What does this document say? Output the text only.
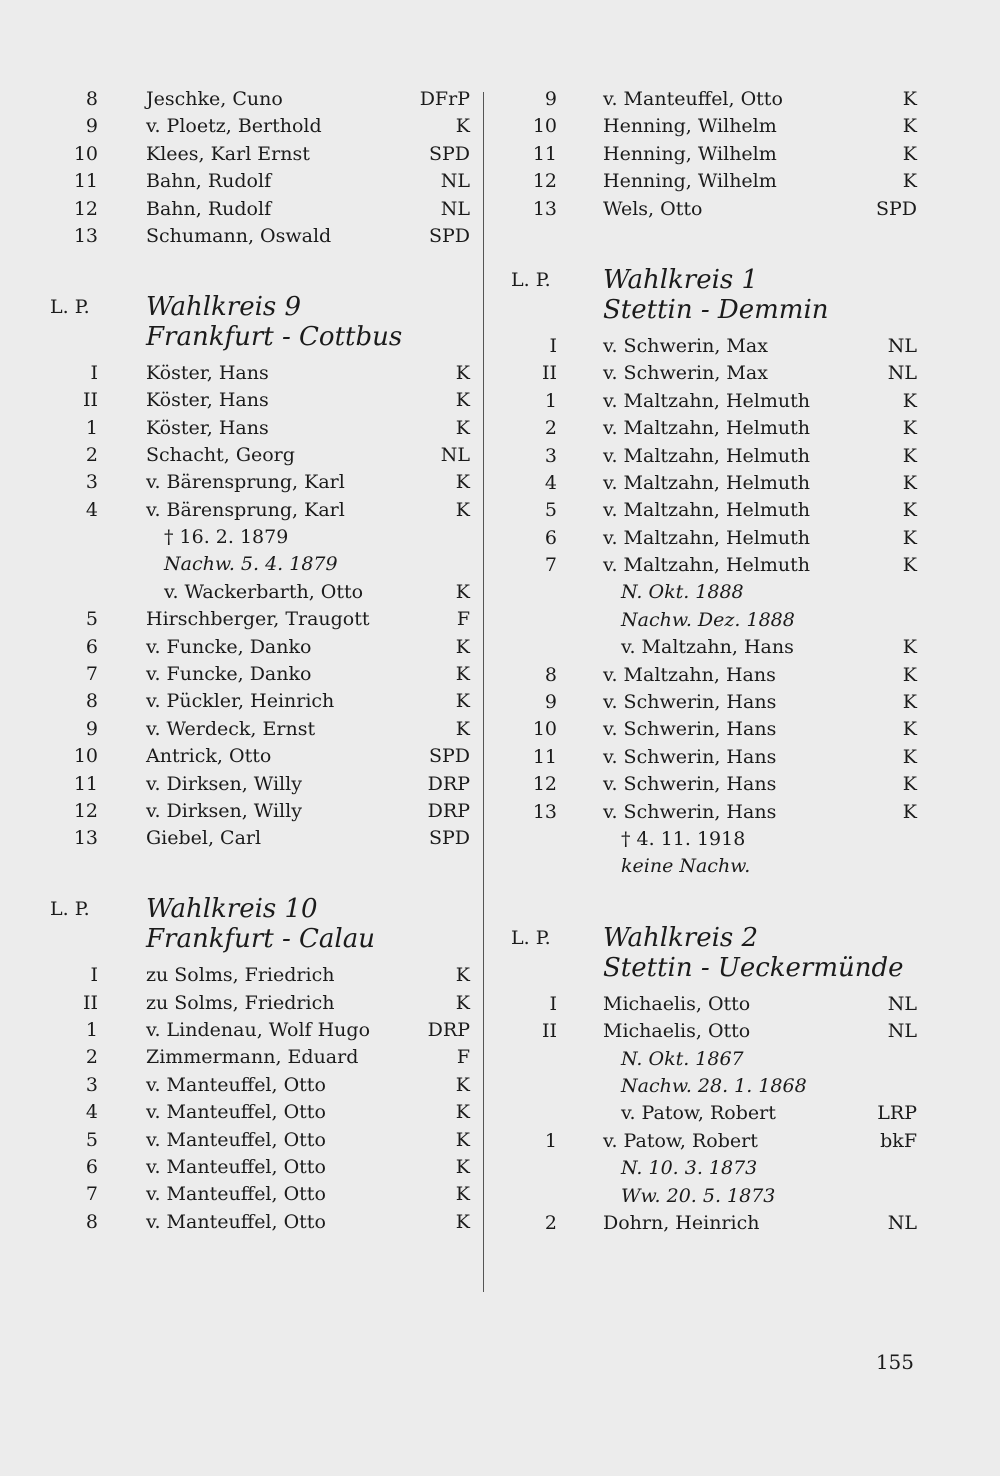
8	Jeschke, Cuno	DFrP
9	v. Ploetz, Berthold	K
10	Klees, Karl Ernst	SPD
11	Bahn, Rudolf	NL
12	Bahn, Rudolf	NL
13	Schumann, Oswald	SPD
L. P. Wahlkreis 9
Frankfurt - Cottbus
I	Köster, Hans	K
II	Köster, Hans	K
1	Köster, Hans	K
2	Schacht, Georg	NL
3	v. Bärensprung, Karl	K
4	v. Bärensprung, Karl	K
† 16. 2. 1879
Nachw. 5. 4. 1879
v. Wackerbarth, Otto	K
5	Hirschberger, Traugott	F
6	v. Funcke, Danko	K
7	v. Funcke, Danko	K
8	v. Pückler, Heinrich	K
9	v. Werdeck, Ernst	K
10	Antrick, Otto	SPD
11	v. Dirksen, Willy	DRP
12	v. Dirksen, Willy	DRP
13	Giebel, Carl	SPD
L. P. Wahlkreis 10
Frankfurt - Calau
I	zu Solms, Friedrich	K
II	zu Solms, Friedrich	K
1	v. Lindenau, Wolf Hugo	DRP
2	Zimmermann, Eduard	F
3	v. Manteuffel, Otto	K
4	v. Manteuffel, Otto	K
5	v. Manteuffel, Otto	K
6	v. Manteuffel, Otto	K
7	v. Manteuffel, Otto	K
8	v. Manteuffel, Otto	K
9 v. Manteuffel, Otto	K
10 Henning, Wilhelm	K
11 Henning, Wilhelm	K
12 Henning, Wilhelm	K
13 Wels, Otto	SPD
L. P. Wahlkreis 1
Stettin - Demmin
I v. Schwerin, Max	NL
II v. Schwerin, Max	NL
1 v. Maltzahn, Helmuth	K
2 v. Maltzahn, Helmuth	K
3 v. Maltzahn, Helmuth	K
4 v. Maltzahn, Helmuth	K
5 v. Maltzahn, Helmuth	K
6 v. Maltzahn, Helmuth	K
7 v. Maltzahn, Helmuth	K
N. Okt. 1888
Nachw. Dez. 1888
v. Maltzahn, Hans	K
8 v. Maltzahn, Hans	K
9 v. Schwerin, Hans	K
10 v. Schwerin, Hans	K
11 v. Schwerin, Hans	K
12 v. Schwerin, Hans	K
13 v. Schwerin, Hans	K
† 4. 11. 1918
keine Nachw.
L. P. Wahlkreis 2
Stettin - Ueckermünde
I Michaelis, Otto	NL
II Michaelis, Otto	NL
N. Okt. 1867
Nachw. 28. 1. 1868
v. Patow, Robert	LRP
1 v. Patow, Robert	bkF
N. 10. 3. 1873
Ww. 20. 5. 1873
2 Dohrn, Heinrich	NL
155
